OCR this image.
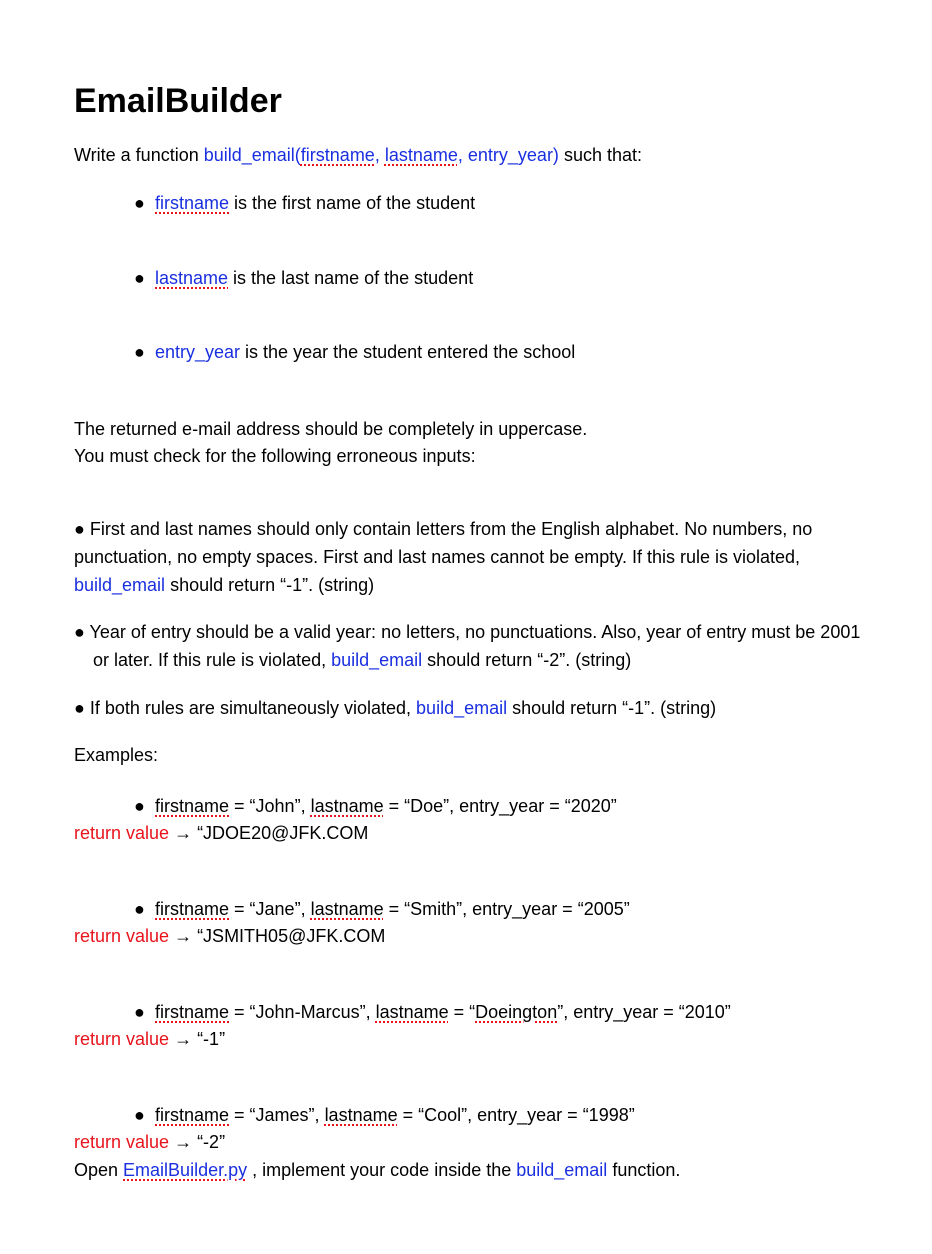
EmailBuilder
Write a function build_email(firstname, lastname, entry_year) such that:
● firstname is the first name of the student
● lastname is the last name of the student
● entry_year is the year the student entered the school
The returned e-mail address should be completely in uppercase.
You must check for the following erroneous inputs:
● First and last names should only contain letters from the English alphabet. No numbers, no punctuation, no empty spaces. First and last names cannot be empty. If this rule is violated, build_email should return “-1”. (string)
● Year of entry should be a valid year: no letters, no punctuations. Also, year of entry must be 2001 or later. If this rule is violated, build_email should return “-2”. (string)
● If both rules are simultaneously violated, build_email should return “-1”. (string)
Examples:
● firstname = “John”, lastname = “Doe”, entry_year = “2020”
return value → “JDOE20@JFK.COM
● firstname = “Jane”, lastname = “Smith”, entry_year = “2005”
return value → “JSMITH05@JFK.COM
● firstname = “John-Marcus”, lastname = “Doeington”, entry_year = “2010”
return value → “-1”
● firstname = “James”, lastname = “Cool”, entry_year = “1998”
return value → “-2”
Open EmailBuilder.py , implement your code inside the build_email function.
